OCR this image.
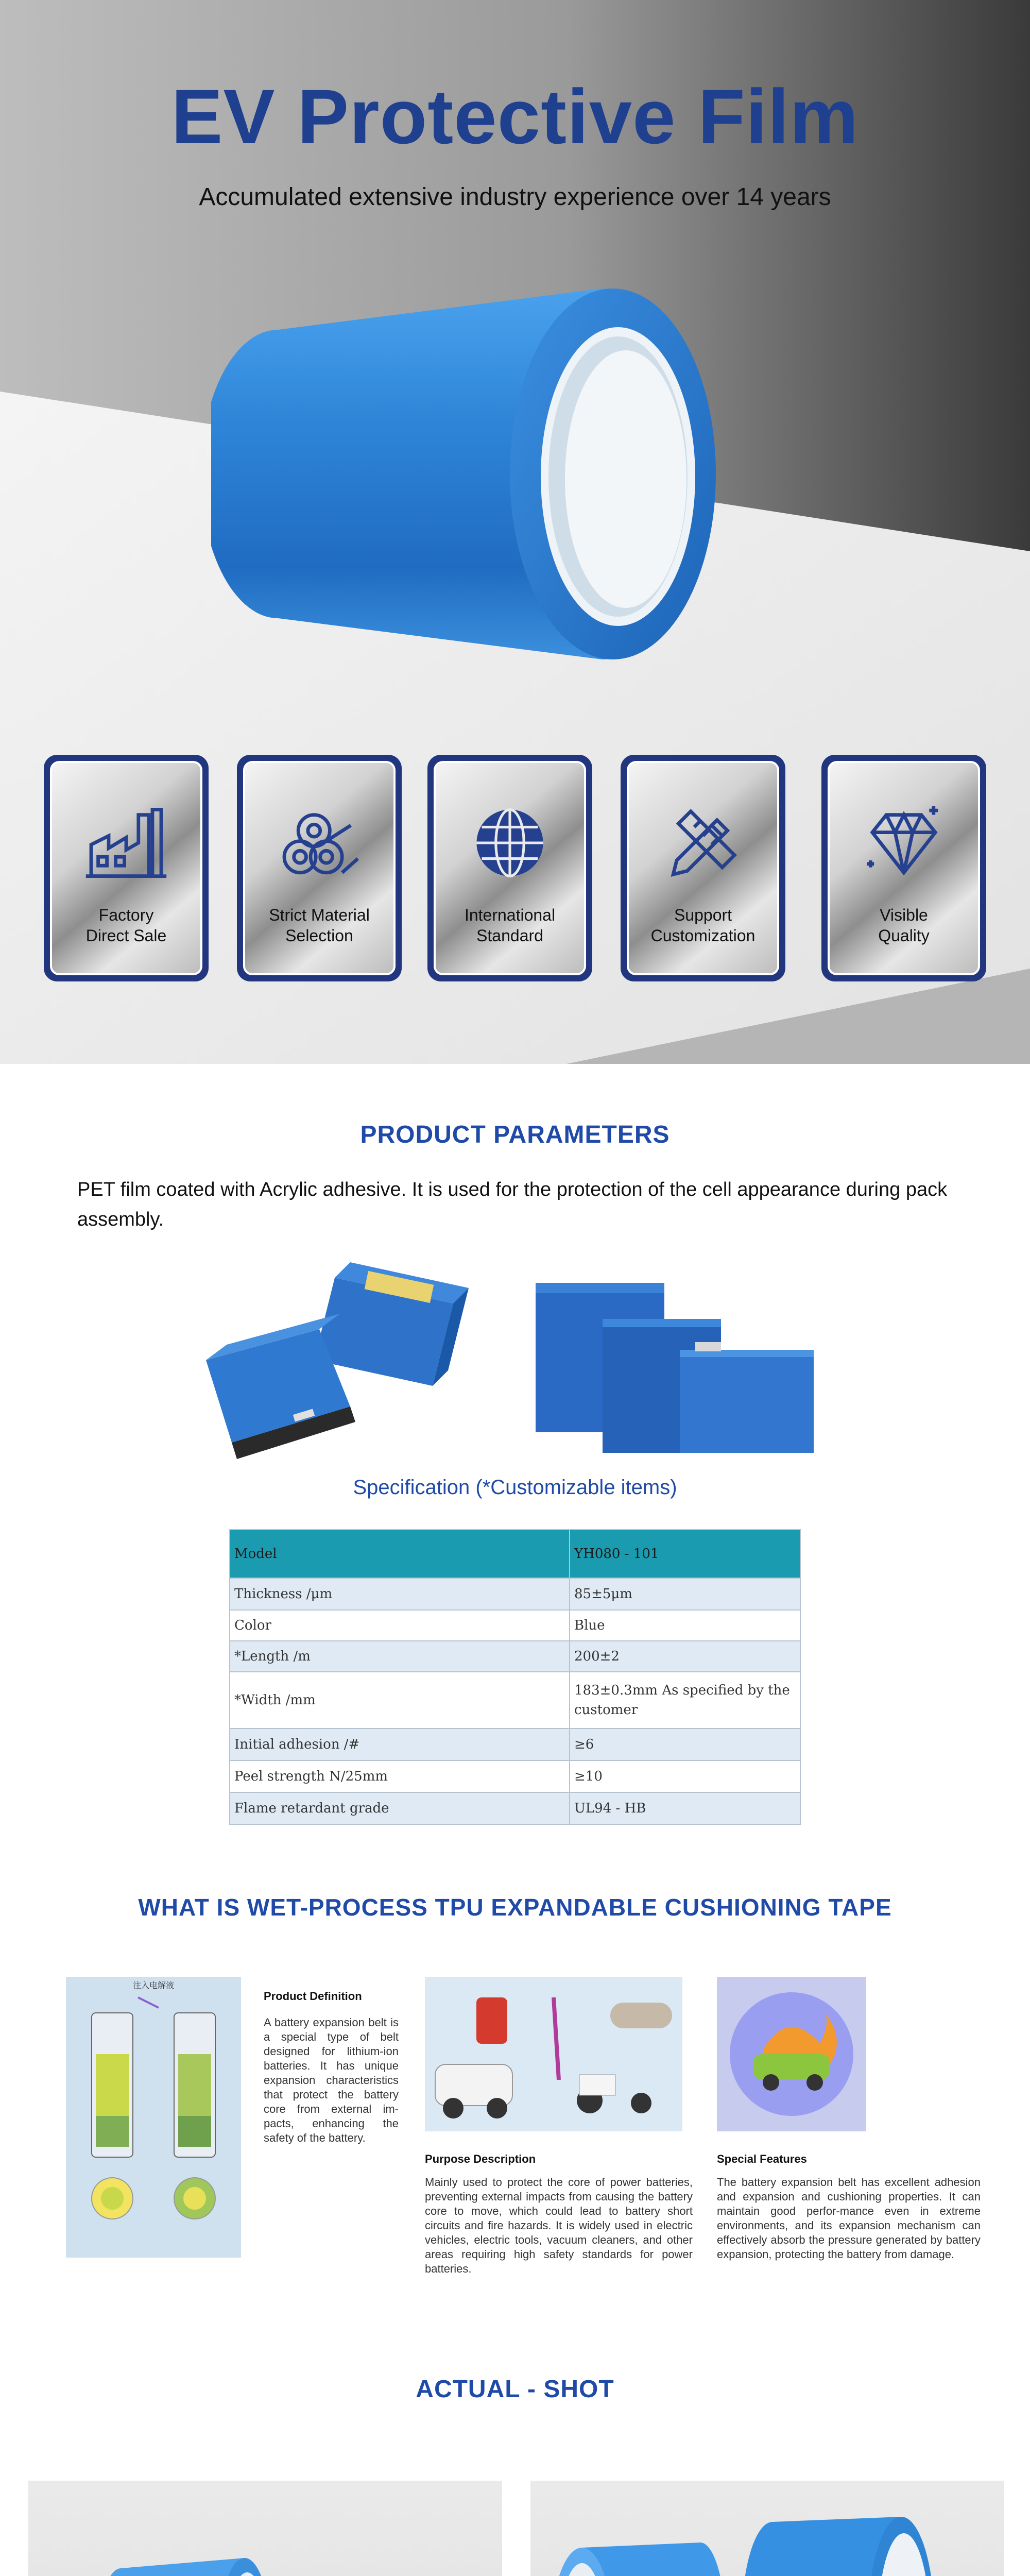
EV Protective Film
Accumulated extensive industry experience over 14 years
Factory
Direct Sale
Strict Material
Selection
International
Standard
Support
Customization
Visible
Quality
PRODUCT PARAMETERS
PET film coated with Acrylic adhesive. It is used for the protection of the cell appearance during pack assembly.
Specification (*Customizable items)
Model	YH080 - 101
Thickness /μm	85±5μm
Color	Blue
*Length /m	200±2
*Width /mm	183±0.3mm As specified by the customer
Initial adhesion /#	≥6
Peel strength N/25mm	≥10
Flame retardant grade	UL94 - HB
WHAT IS WET-PROCESS TPU EXPANDABLE CUSHIONING TAPE
注入电解液
Product Definition
A battery expansion belt is a special type of belt designed for lithium-ion batteries. It has unique expansion characteristics that protect the battery core from external im-pacts, enhancing the safety of the battery.
Purpose Description
Mainly used to protect the core of power batteries, preventing external impacts from causing the battery core to move, which could lead to battery short circuits and fire hazards. It is widely used in electric vehicles, electric tools, vacuum cleaners, and other areas requiring high safety standards for power batteries.
Special Features
The battery expansion belt has excellent adhesion and expansion and cushioning properties. It can maintain good perfor-mance even in extreme environments, and its expansion mechanism can effectively absorb the pressure generated by battery expansion, protecting the battery from damage.
ACTUAL - SHOT
